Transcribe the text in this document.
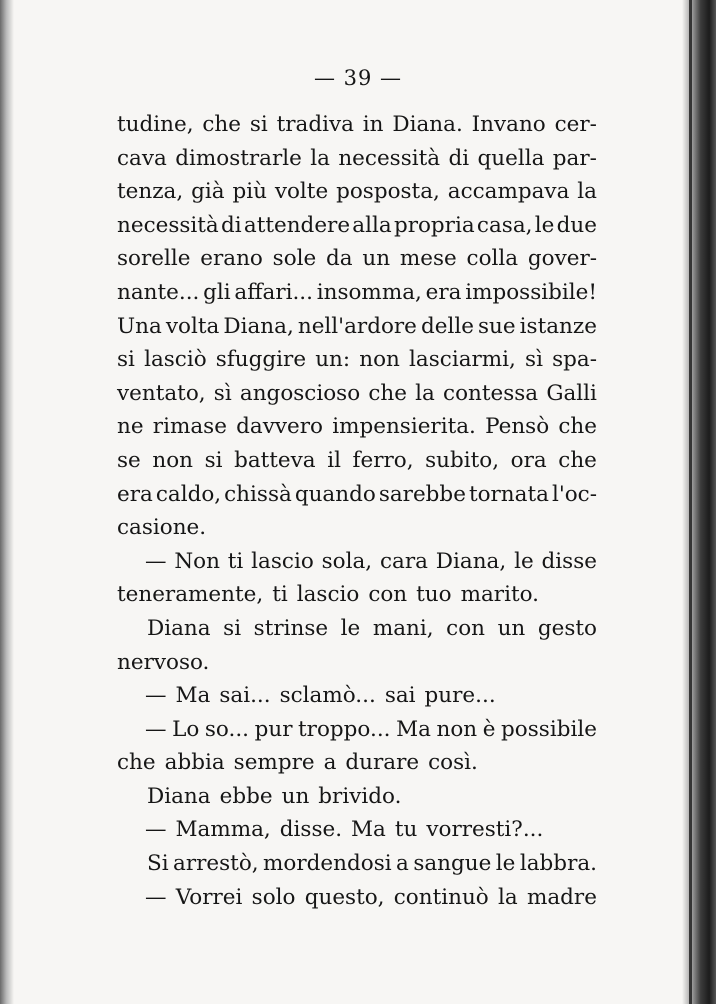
— 39 —
tudine, che si tradiva in Diana. Invano cer-
cava dimostrarle la necessità di quella par-
tenza, già più volte posposta, accampava la
necessità di attendere alla propria casa, le due
sorelle erano sole da un mese colla gover-
nante... gli affari... insomma, era impossibile!
Una volta Diana, nell'ardore delle sue istanze
si lasciò sfuggire un: non lasciarmi, sì spa-
ventato, sì angoscioso che la contessa Galli
ne rimase davvero impensierita. Pensò che
se non si batteva il ferro, subito, ora che
era caldo, chissà quando sarebbe tornata l'oc-
casione.
— Non ti lascio sola, cara Diana, le disse
teneramente, ti lascio con tuo marito.
Diana si strinse le mani, con un gesto
nervoso.
— Ma sai... sclamò... sai pure...
— Lo so... pur troppo... Ma non è possibile
che abbia sempre a durare così.
Diana ebbe un brivido.
— Mamma, disse. Ma tu vorresti?...
Si arrestò, mordendosi a sangue le labbra.
— Vorrei solo questo, continuò la madre
